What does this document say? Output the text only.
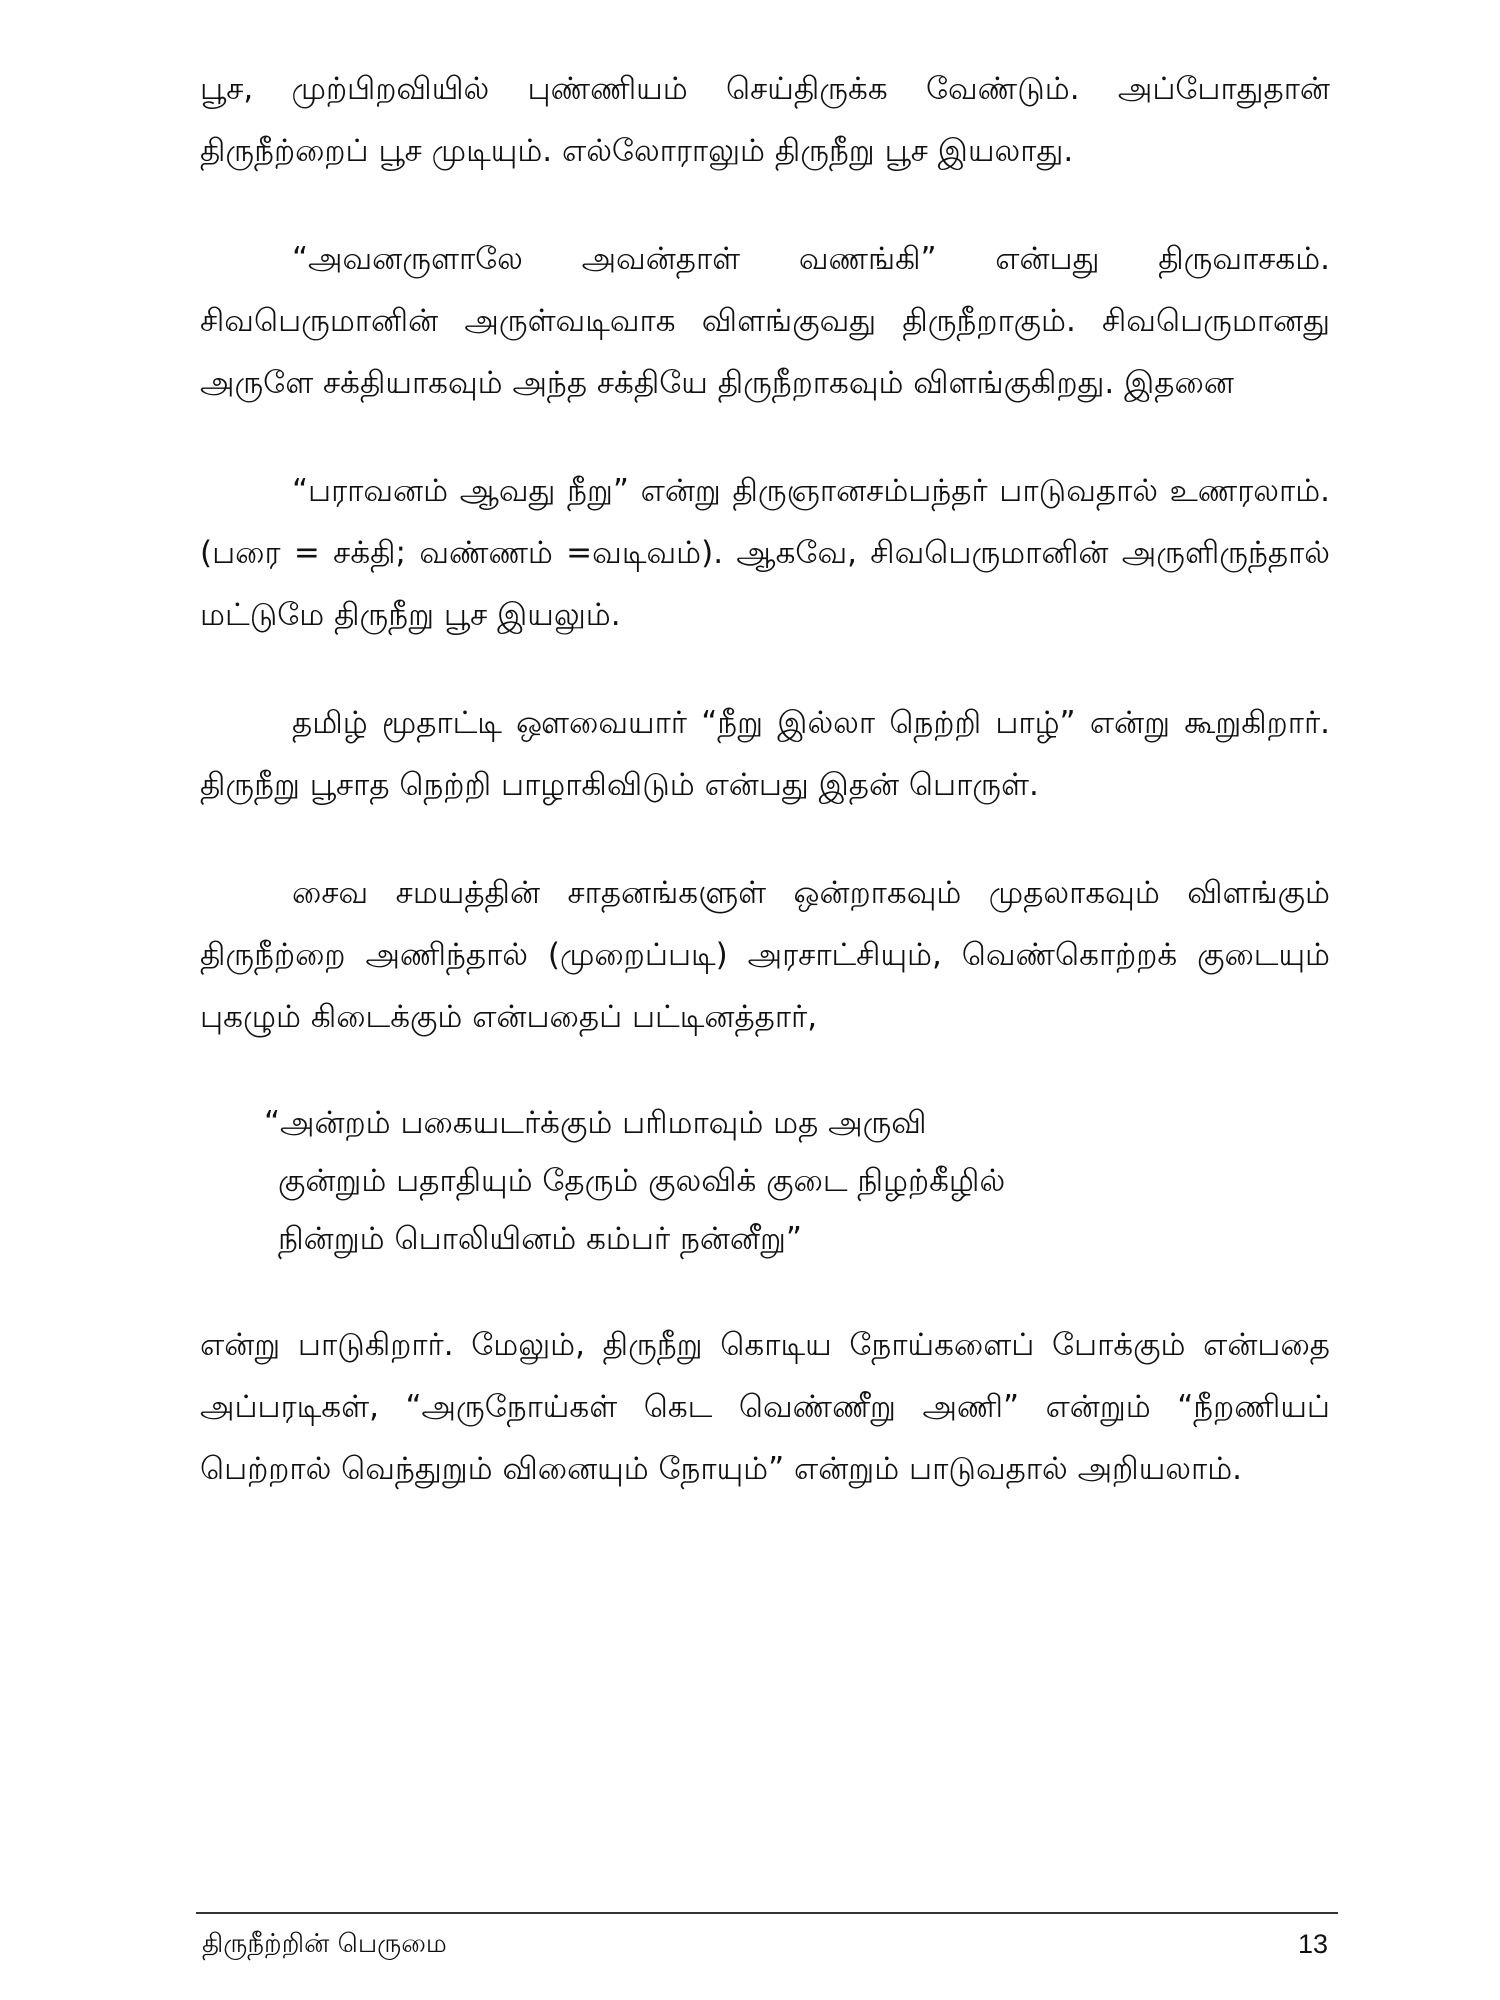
பூச, முற்பிறவியில் புண்ணியம் செய்திருக்க வேண்டும். அப்போதுதான் திருநீற்றைப் பூச முடியும். எல்லோராலும் திருநீறு பூச இயலாது.

“அவனருளாலே அவன்தாள் வணங்கி” என்பது திருவாசகம். சிவபெருமானின் அருள்வடிவாக விளங்குவது திருநீறாகும். சிவபெருமானது அருளே சக்தியாகவும் அந்த சக்தியே திருநீறாகவும் விளங்குகிறது. இதனை

“பராவனம் ஆவது நீறு” என்று திருஞானசம்பந்தர் பாடுவதால் உணரலாம். (பரை = சக்தி; வண்ணம் =வடிவம்). ஆகவே, சிவபெருமானின் அருளிருந்தால் மட்டுமே திருநீறு பூச இயலும்.

தமிழ் மூதாட்டி ஔவையார் “நீறு இல்லா நெற்றி பாழ்” என்று கூறுகிறார். திருநீறு பூசாத நெற்றி பாழாகிவிடும் என்பது இதன் பொருள்.

சைவ சமயத்தின் சாதனங்களுள் ஒன்றாகவும் முதலாகவும் விளங்கும் திருநீற்றை அணிந்தால் (முறைப்படி) அரசாட்சியும், வெண்கொற்றக் குடையும் புகழும் கிடைக்கும் என்பதைப் பட்டினத்தார்,

“அன்றம் பகையடர்க்கும் பரிமாவும் மத அருவி
குன்றும் பதாதியும் தேரும் குலவிக் குடை நிழற்கீழில்
நின்றும் பொலியினம் கம்பர் நன்னீறு”

என்று பாடுகிறார். மேலும், திருநீறு கொடிய நோய்களைப் போக்கும் என்பதை அப்பரடிகள், “அருநோய்கள் கெட வெண்ணீறு அணி” என்றும் “நீறணியப் பெற்றால் வெந்துறும் வினையும் நோயும்” என்றும் பாடுவதால் அறியலாம்.

திருநீற்றின் பெருமை	13
